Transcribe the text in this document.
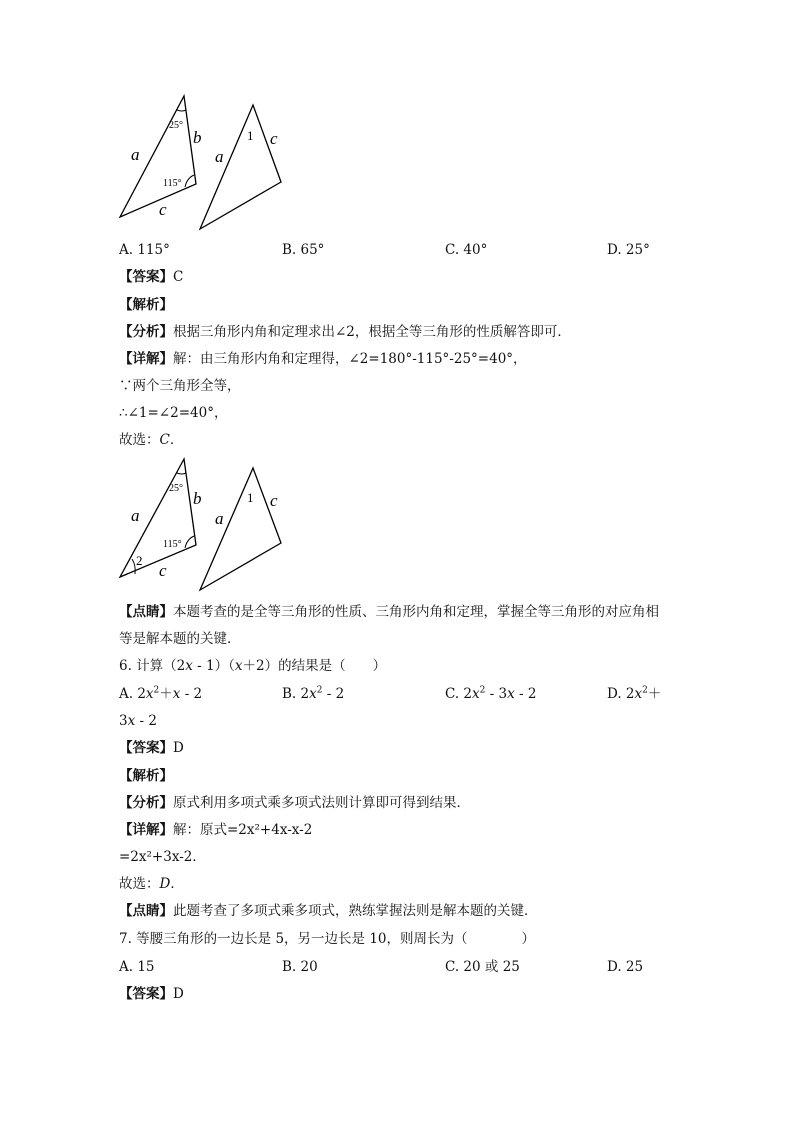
25°
115°
a
b
c
1
a
c
A. 115°	B. 65°	C. 40°	D. 25°
【答案】C
【解析】
【分析】根据三角形内角和定理求出∠2，根据全等三角形的性质解答即可．
【详解】解：由三角形内角和定理得，∠2=180°-115°-25°=40°，
∵两个三角形全等，
∴∠1=∠2=40°，
故选：C．
25°
115°
2
a
b
c
1
a
c
【点睛】本题考查的是全等三角形的性质、三角形内角和定理，掌握全等三角形的对应角相
等是解本题的关键．
6. 计算（2x - 1）（x＋2）的结果是（　　）
A. $2x^2+x - 2$	B. $2x^2 - 2$	C. $2x^2 - 3x - 2$	D. $2x^2+$
3x - 2
【答案】D
【解析】
【分析】原式利用多项式乘多项式法则计算即可得到结果．
【详解】解：原式=2x²+4x-x-2
=2x²+3x-2．
故选：D．
【点睛】此题考查了多项式乘多项式，熟练掌握法则是解本题的关键．
7. 等腰三角形的一边长是 5，另一边长是 10，则周长为（　　　　）
A. 15	B. 20	C. 20 或 25	D. 25
【答案】D
